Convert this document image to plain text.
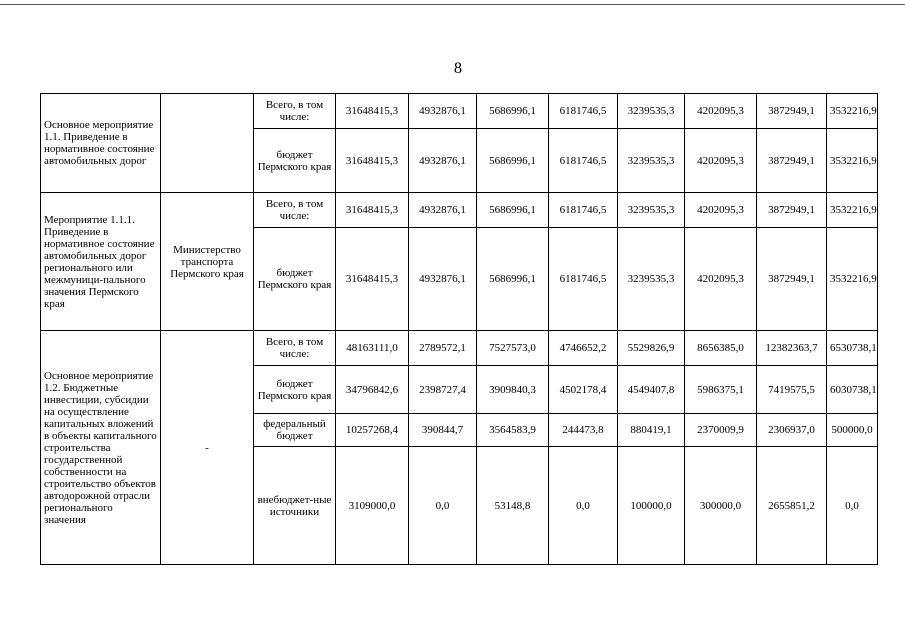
8
Основное мероприятие 1.1. Приведение в нормативное состояние автомобильных дорог		Всего, в том числе:	31648415,3	4932876,1	5686996,1	6181746,5	3239535,3	4202095,3	3872949,1	3532216,9
		бюджет Пермского края	31648415,3	4932876,1	5686996,1	6181746,5	3239535,3	4202095,3	3872949,1	3532216,9
Мероприятие 1.1.1. Приведение в нормативное состояние автомобильных дорог регионального или межмуници-пального значения Пермского края	Министерство транспорта Пермского края	Всего, в том числе:	31648415,3	4932876,1	5686996,1	6181746,5	3239535,3	4202095,3	3872949,1	3532216,9
		бюджет Пермского края	31648415,3	4932876,1	5686996,1	6181746,5	3239535,3	4202095,3	3872949,1	3532216,9
Основное мероприятие 1.2. Бюджетные инвестиции, субсидии на осуществление капитальных вложений в объекты капитального строительства государственной собственности на строительство объектов автодорожной отрасли регионального значения	-	Всего, в том числе:	48163111,0	2789572,1	7527573,0	4746652,2	5529826,9	8656385,0	12382363,7	6530738,1
		бюджет Пермского края	34796842,6	2398727,4	3909840,3	4502178,4	4549407,8	5986375,1	7419575,5	6030738,1
		федеральный бюджет	10257268,4	390844,7	3564583,9	244473,8	880419,1	2370009,9	2306937,0	500000,0
		внебюджет-ные источники	3109000,0	0,0	53148,8	0,0	100000,0	300000,0	2655851,2	0,0
